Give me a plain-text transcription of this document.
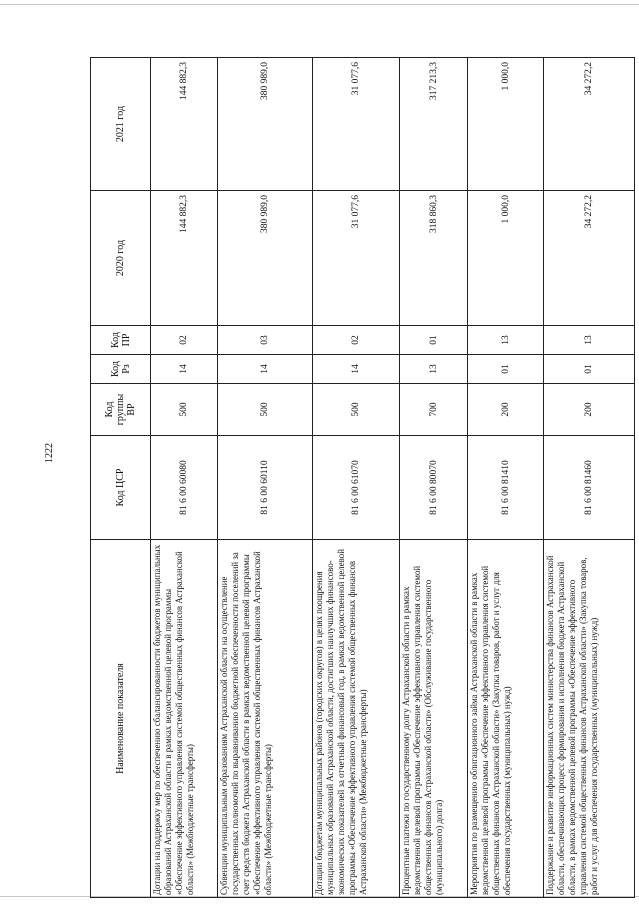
1222
Наименование показателя	Код ЦСР	Код группы ВР	Код Рз	Код ПР	2020 год	2021 год
Дотации на поддержку мер по обеспечению сбалансированности бюджетов муниципальных образований Астраханской области в рамках ведомственной целевой программы «Обеспечение эффективного управления системой общественных финансов Астраханской области» (Межбюджетные трансферты)	81 6 00 60080	500	14	02	144 882,3	144 882,3
Субвенции муниципальным образованиям Астраханской области на осуществление государственных полномочий по выравниванию бюджетной обеспеченности поселений за счет средств бюджета Астраханской области в рамках ведомственной целевой программы «Обеспечение эффективного управления системой общественных финансов Астраханской области» (Межбюджетные трансферты)	81 6 00 60110	500	14	03	380 989,0	380 989,0
Дотации бюджетам муниципальных районов (городских округов) в целях поощрения муниципальных образований Астраханской области, достигших наилучших финансово-экономических показателей за отчетный финансовый год, в рамках ведомственной целевой программы «Обеспечение эффективного управления системой общественных финансов Астраханской области» (Межбюджетные трансферты)	81 6 00 61070	500	14	02	31 077,6	31 077,6
Процентные платежи по государственному долгу Астраханской области в рамках ведомственной целевой программы «Обеспечение эффективного управления системой общественных финансов Астраханской области» (Обслуживание государственного (муниципального) долга)	81 6 00 80070	700	13	01	318 860,3	317 213,3
Мероприятия по размещению облигационного займа Астраханской области в рамках ведомственной целевой программы «Обеспечение эффективного управления системой общественных финансов Астраханской области» (Закупка товаров, работ и услуг для обеспечения государственных (муниципальных) нужд)	81 6 00 81410	200	01	13	1 000,0	1 000,0
Поддержание и развитие информационных систем министерства финансов Астраханской области, обеспечивающих процесс формирования и исполнения бюджета Астраханской области, в рамках ведомственной целевой программы «Обеспечение эффективного управления системой общественных финансов Астраханской области» (Закупка товаров, работ и услуг для обеспечения государственных (муниципальных) нужд)	81 6 00 81460	200	01	13	34 272,2	34 272,2
